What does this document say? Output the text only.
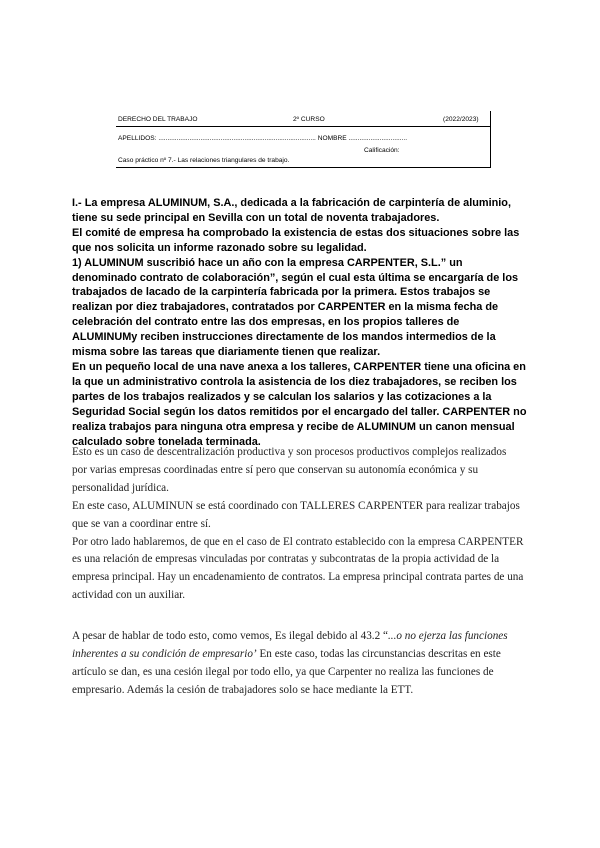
DERECHO DEL TRABAJO	2º CURSO	(2022/2023)
APELLIDOS: ...................................................................................... NOMBRE ................................
Calificación:
Caso práctico nº 7.- Las relaciones triangulares de trabajo.

I.- La empresa ALUMINUM, S.A., dedicada a la fabricación de carpintería de aluminio, tiene su sede principal en Sevilla con un total de noventa trabajadores.

El comité de empresa ha comprobado la existencia de estas dos situaciones sobre las que nos solicita un informe razonado sobre su legalidad.

1) ALUMINUM suscribió hace un año con la empresa CARPENTER, S.L.” un denominado contrato de colaboración”, según el cual esta última se encargaría de los trabajados de lacado de la carpintería fabricada por la primera. Estos trabajos se realizan por diez trabajadores, contratados por CARPENTER en la misma fecha de celebración del contrato entre las dos empresas, en los propios talleres de ALUMINUMy reciben instrucciones directamente de los mandos intermedios de la misma sobre las tareas que diariamente tienen que realizar.

En un pequeño local de una nave anexa a los talleres, CARPENTER tiene una oficina en la que un administrativo controla la asistencia de los diez trabajadores, se reciben los partes de los trabajos realizados y se calculan los salarios y las cotizaciones a la Seguridad Social según los datos remitidos por el encargado del taller. CARPENTER no realiza trabajos para ninguna otra empresa y recibe de ALUMINUM un canon mensual calculado sobre tonelada terminada.

Esto es un caso de descentralización productiva y son procesos productivos complejos realizados por varias empresas coordinadas entre sí pero que conservan su autonomía económica y su personalidad jurídica.

En este caso, ALUMINUN se está coordinado con TALLERES CARPENTER para realizar trabajos que se van a coordinar entre sí.

Por otro lado hablaremos, de que en el caso de El contrato establecido con la empresa CARPENTER es una relación de empresas vinculadas por contratas y subcontratas de la propia actividad de la empresa principal. Hay un encadenamiento de contratos. La empresa principal contrata partes de una actividad con un auxiliar.

A pesar de hablar de todo esto, como vemos, Es ilegal debido al 43.2 “...o no ejerza las funciones inherentes a su condición de empresario’ En este caso, todas las circunstancias descritas en este artículo se dan, es una cesión ilegal por todo ello, ya que Carpenter no realiza las funciones de empresario. Además la cesión de trabajadores solo se hace mediante la ETT.
